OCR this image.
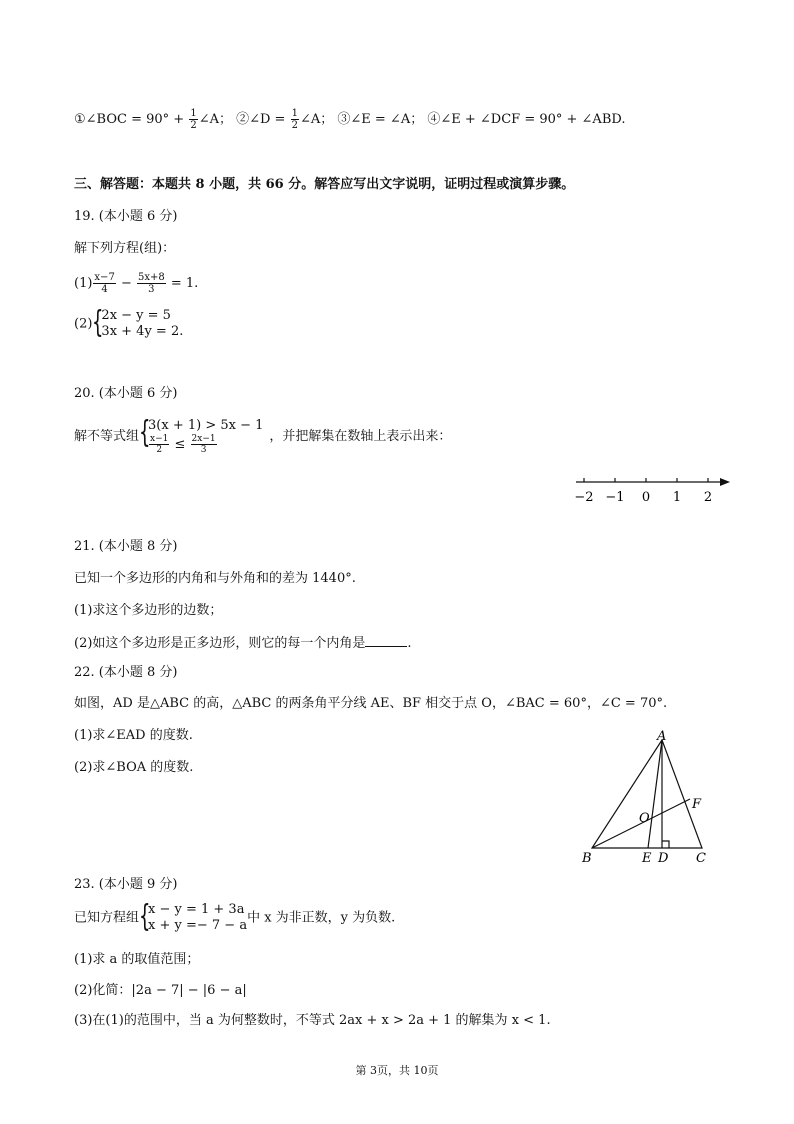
①∠BOC = $90^\circ + \frac{1}{2}$ ∠A； ②∠D = $\frac{1}{2}$ ∠A； ③∠E = ∠A； ④∠E + ∠DCF = 90° + ∠ABD.
三、解答题：本题共 8 小题，共 66 分。解答应写出文字说明，证明过程或演算步骤。
19. (本小题 6 分)
解下列方程(组)：
$(1) \frac{x-7}{4} - \frac{5x+8}{3} = 1$.
(2) {
2x − y = 5
3x + 4y = 2.
20. (本小题 6 分)
解不等式组 {
3(x + 1) > 5x − 1
$\frac{x-1}{2} \le \frac{2x-1}{3}$	，并把解集在数轴上表示出来：
−2 −1 0 1 2
21. (本小题 8 分)
已知一个多边形的内角和与外角和的差为 1440°.
(1)求这个多边形的边数；
(2)如这个多边形是正多边形，则它的每一个内角是	.
22. (本小题 8 分)
如图，AD 是△ABC 的高，△ABC 的两条角平分线 AE、BF 相交于点 O，∠BAC = 60°，∠C = 70°.
(1)求∠EAD 的度数.
(2)求∠BOA 的度数.
A
B	C
E D
F
O
23. (本小题 9 分)
已知方程组 {
x − y = 1 + 3a
x + y =− 7 − a 中 x 为非正数，y 为负数.
(1)求 a 的取值范围；
(2)化简：|2a − 7| − |6 − a|
(3)在(1)的范围中，当 a 为何整数时，不等式 2ax + x > 2a + 1 的解集为 x < 1.
第 3页，共 10页
